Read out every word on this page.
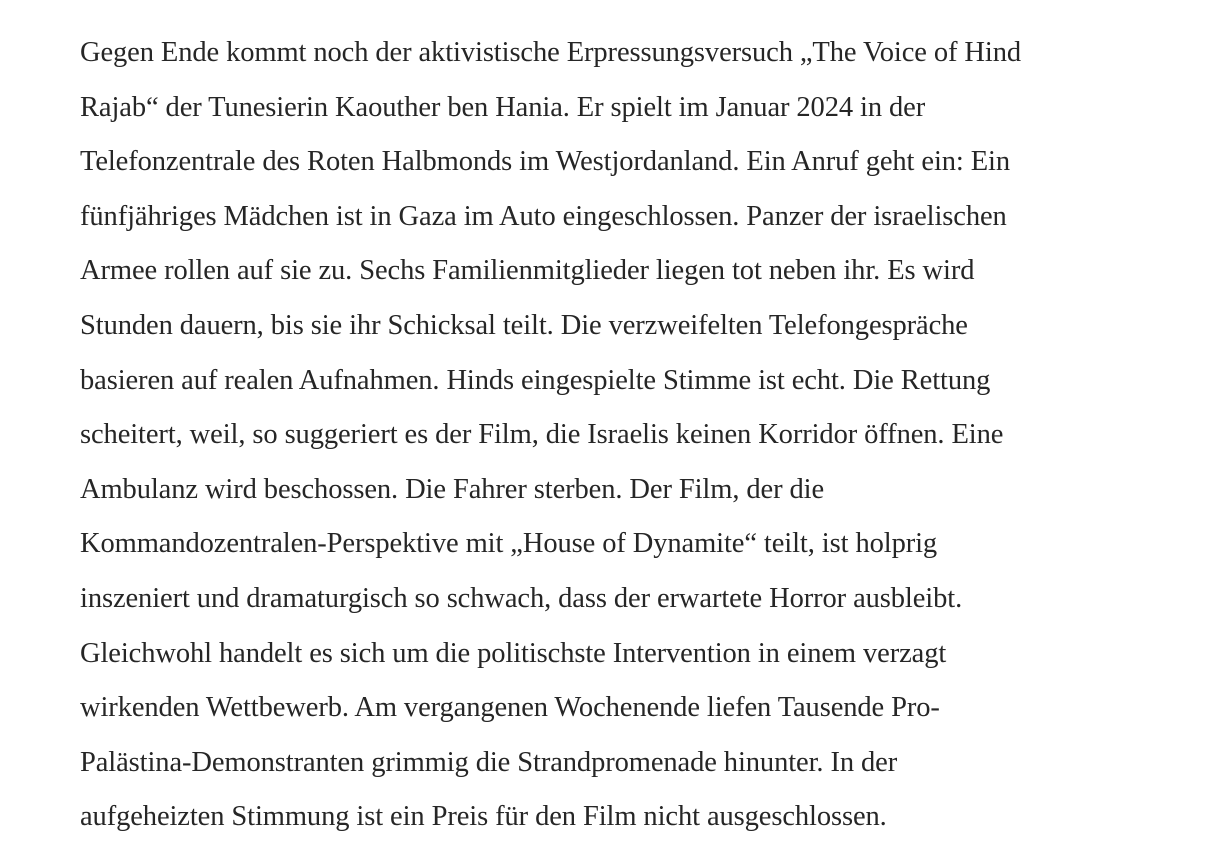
Gegen Ende kommt noch der aktivistische Erpressungsversuch „The Voice of Hind
Rajab“ der Tunesierin Kaouther ben Hania. Er spielt im Januar 2024 in der
Telefonzentrale des Roten Halbmonds im Westjordanland. Ein Anruf geht ein: Ein
fünfjähriges Mädchen ist in Gaza im Auto eingeschlossen. Panzer der israelischen
Armee rollen auf sie zu. Sechs Familienmitglieder liegen tot neben ihr. Es wird
Stunden dauern, bis sie ihr Schicksal teilt. Die verzweifelten Telefongespräche
basieren auf realen Aufnahmen. Hinds eingespielte Stimme ist echt. Die Rettung
scheitert, weil, so suggeriert es der Film, die Israelis keinen Korridor öffnen. Eine
Ambulanz wird beschossen. Die Fahrer sterben. Der Film, der die
Kommandozentralen-Perspektive mit „House of Dynamite“ teilt, ist holprig
inszeniert und dramaturgisch so schwach, dass der erwartete Horror ausbleibt.
Gleichwohl handelt es sich um die politischste Intervention in einem verzagt
wirkenden Wettbewerb. Am vergangenen Wochenende liefen Tausende Pro-
Palästina-Demonstranten grimmig die Strandpromenade hinunter. In der
aufgeheizten Stimmung ist ein Preis für den Film nicht ausgeschlossen.
